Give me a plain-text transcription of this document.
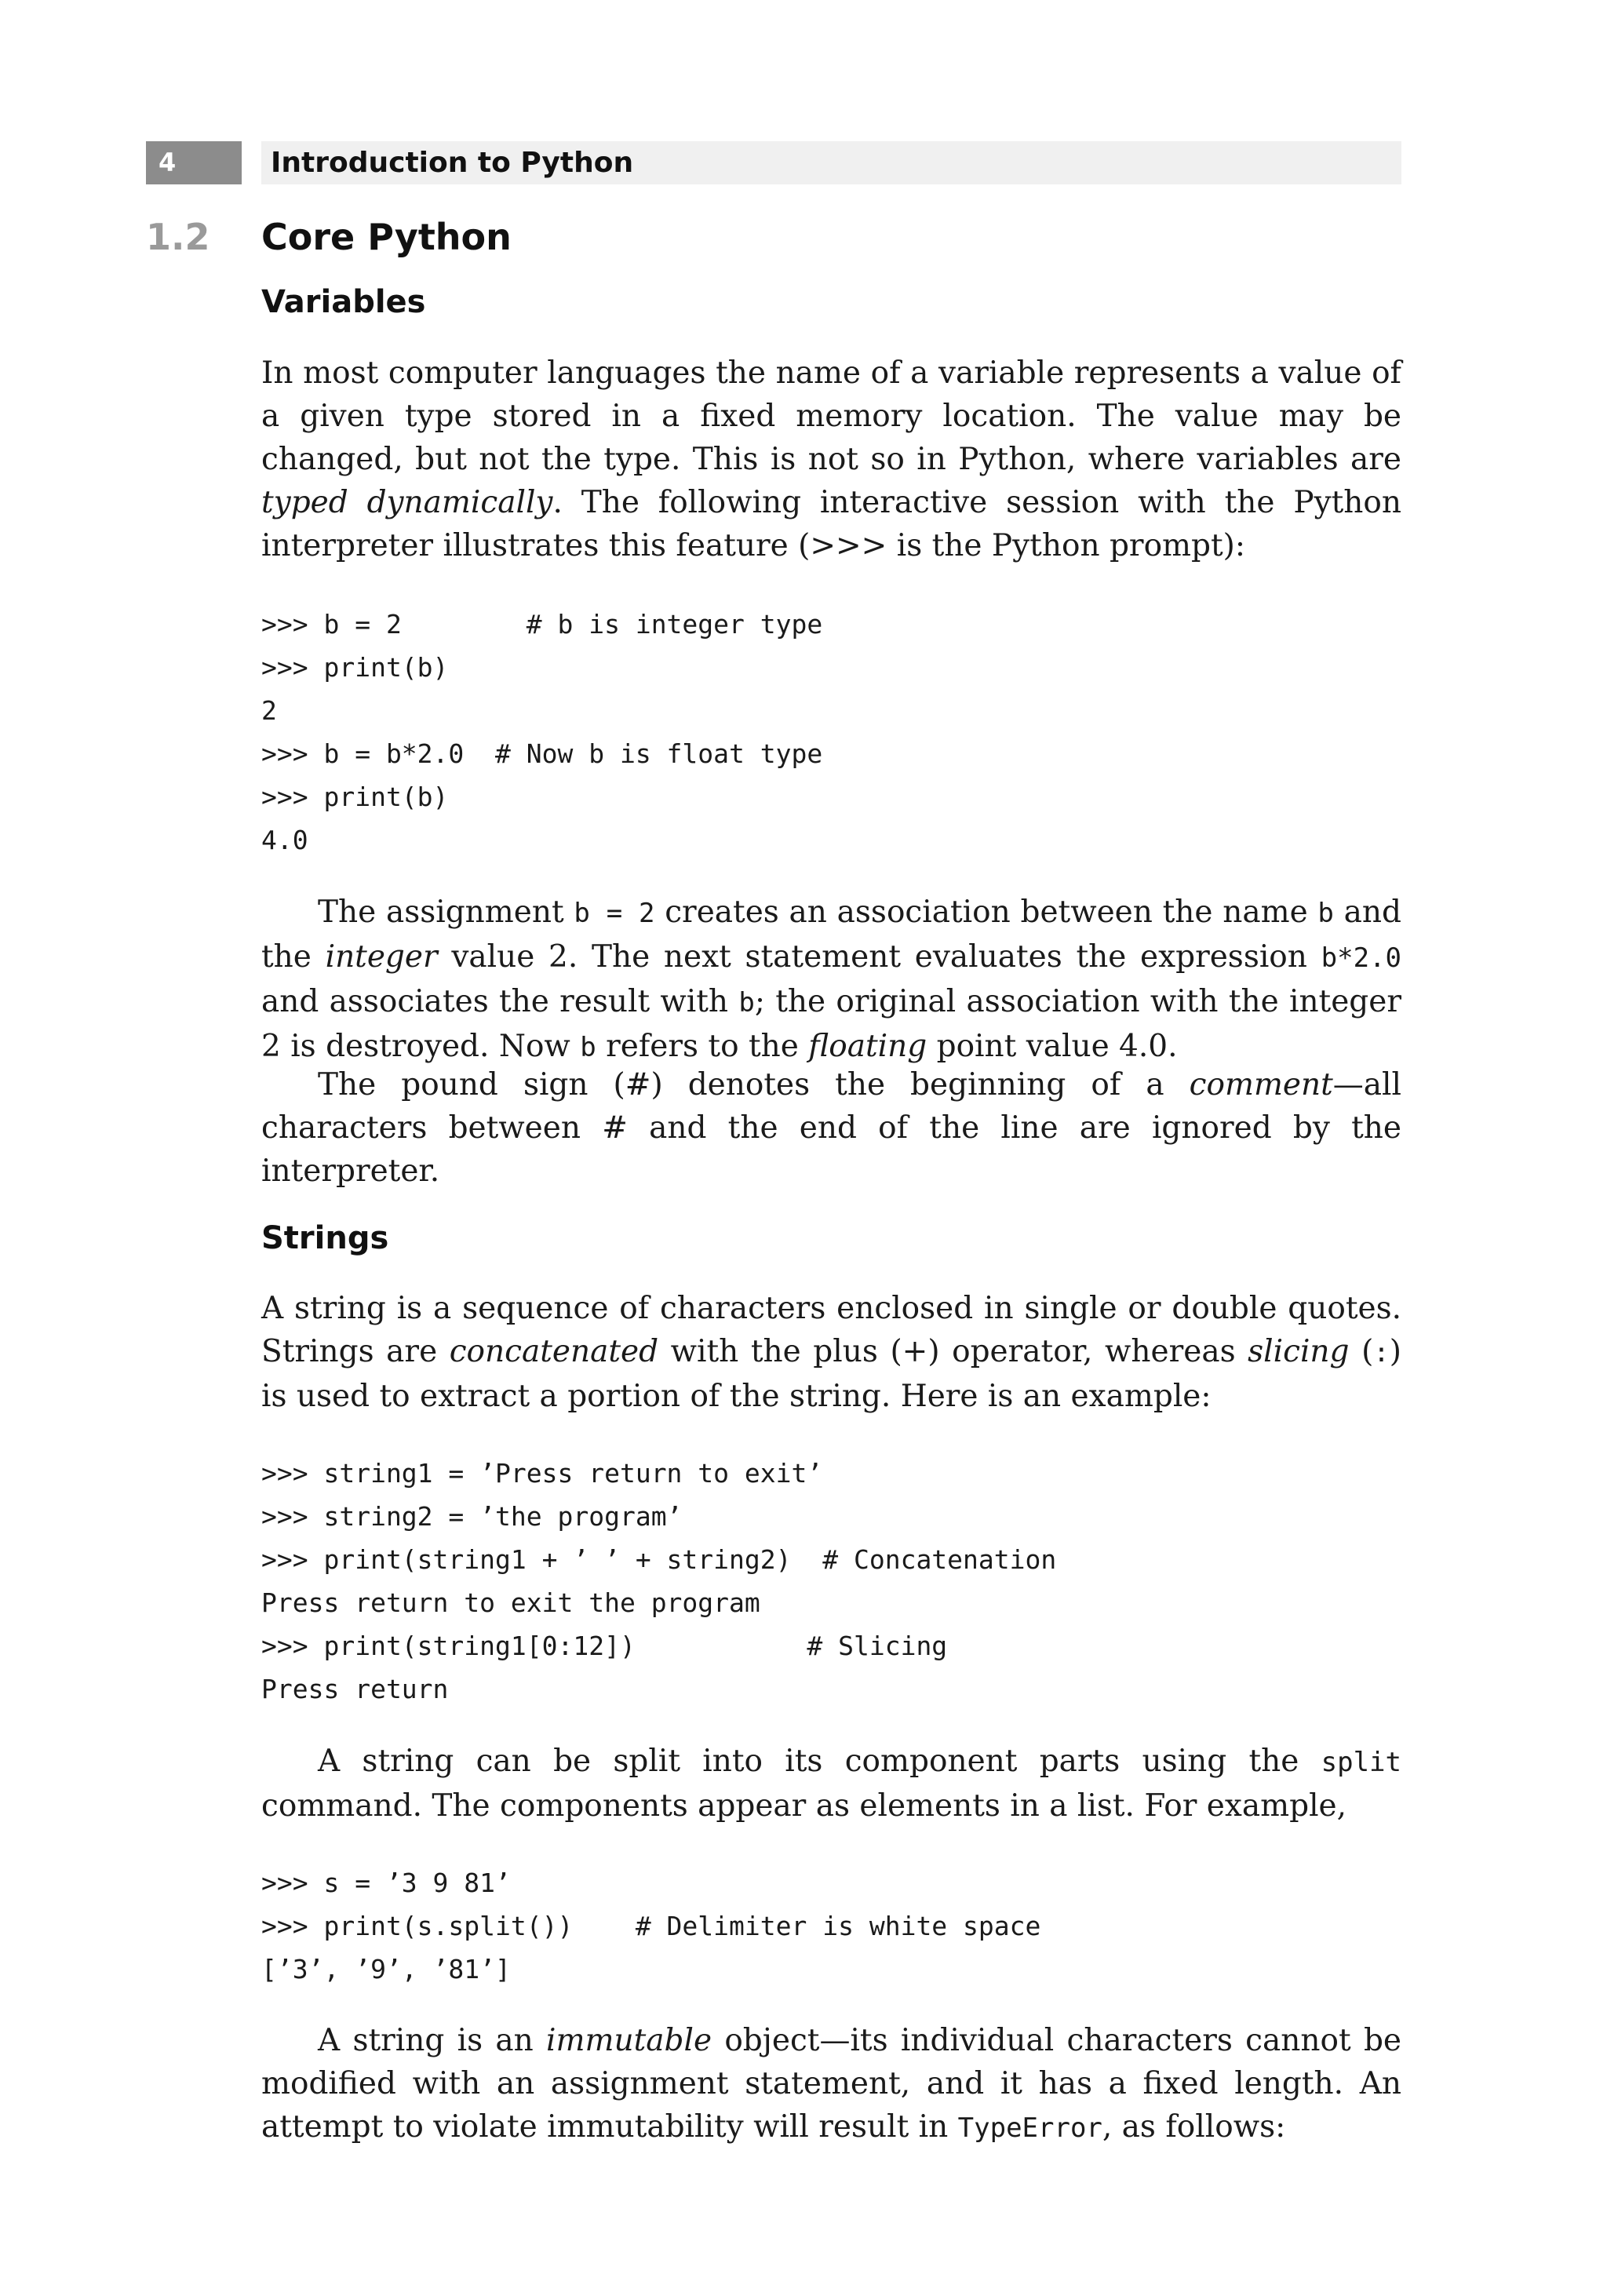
4	Introduction to Python
1.2 Core Python
Variables

In most computer languages the name of a variable represents a value of a given type stored in a fixed memory location. The value may be changed, but not the type. This is not so in Python, where variables are typed dynamically. The following interactive session with the Python interpreter illustrates this feature (>>> is the Python prompt):

>>> b = 2        # b is integer type
>>> print(b)
2
>>> b = b*2.0  # Now b is float type
>>> print(b)
4.0

The assignment b = 2 creates an association between the name b and the integer value 2. The next statement evaluates the expression b*2.0 and associates the result with b; the original association with the integer 2 is destroyed. Now b refers to the floating point value 4.0.

The pound sign (#) denotes the beginning of a comment—all characters between # and the end of the line are ignored by the interpreter.

Strings

A string is a sequence of characters enclosed in single or double quotes. Strings are concatenated with the plus (+) operator, whereas slicing (:) is used to extract a portion of the string. Here is an example:

>>> string1 = ’Press return to exit’
>>> string2 = ’the program’
>>> print(string1 + ’ ’ + string2)  # Concatenation
Press return to exit the program
>>> print(string1[0:12])           # Slicing
Press return

A string can be split into its component parts using the split command. The components appear as elements in a list. For example,

>>> s = ’3 9 81’
>>> print(s.split())    # Delimiter is white space
[’3’, ’9’, ’81’]

A string is an immutable object—its individual characters cannot be modified with an assignment statement, and it has a fixed length. An attempt to violate immutability will result in TypeError, as follows:
